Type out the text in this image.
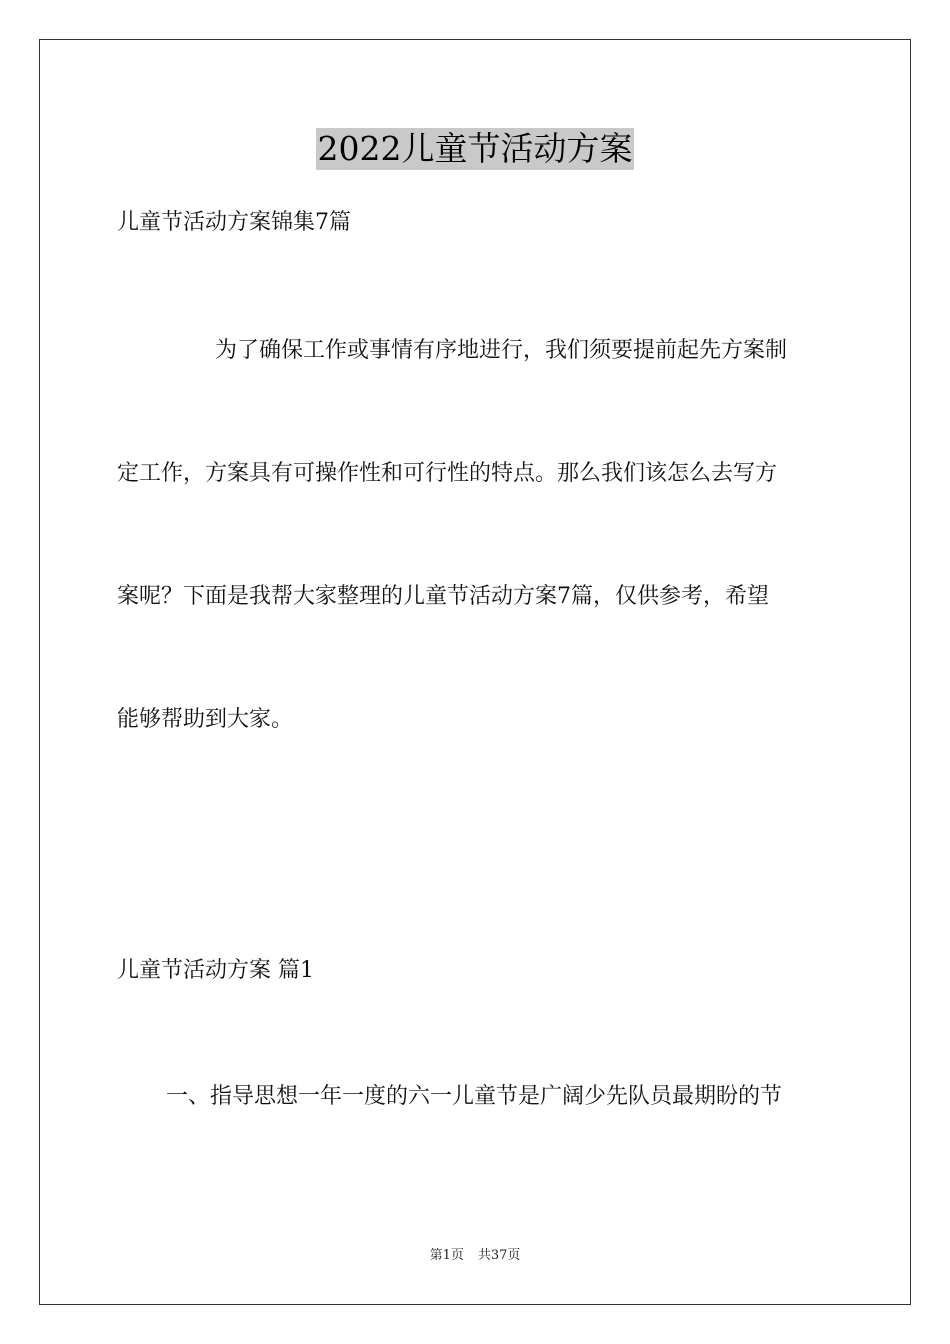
2022儿童节活动方案
儿童节活动方案锦集7篇
为了确保工作或事情有序地进行，我们须要提前起先方案制
定工作，方案具有可操作性和可行性的特点。那么我们该怎么去写方
案呢？下面是我帮大家整理的儿童节活动方案7篇，仅供参考，希望
能够帮助到大家。
儿童节活动方案 篇1
一、指导思想一年一度的六一儿童节是广阔少先队员最期盼的节
第1页 共37页
